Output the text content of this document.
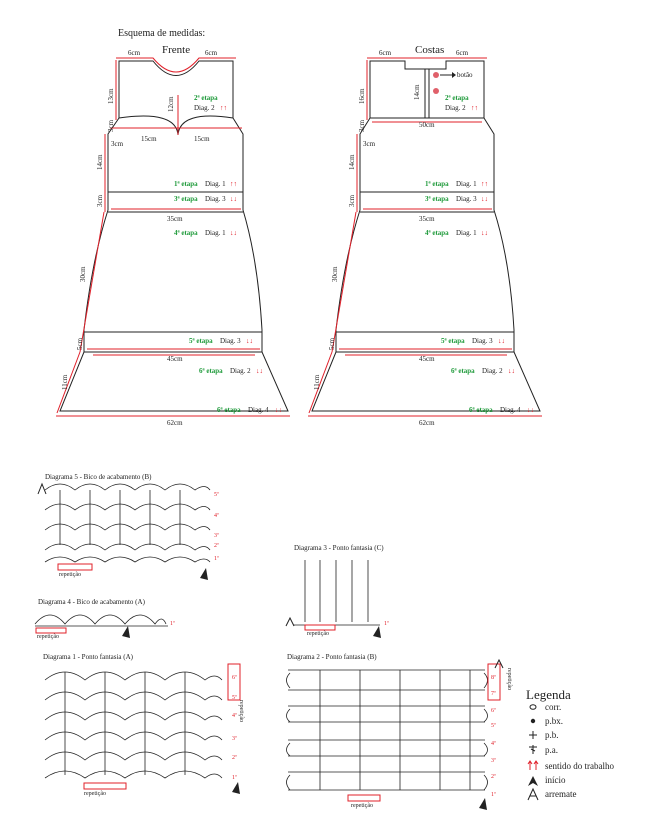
Esquema de medidas:
Frente
6cm	6cm
13cm
3cm
12cm
15cm	15cm
3cm
14cm
3cm
30cm
5cm
11cm
35cm
45cm
62cm
2ª etapa
Diag. 2 ↑↑
1ª etapa Diag. 1 ↑↑
3ª etapa Diag. 3 ↓↓
4ª etapa Diag. 1 ↓↓
5ª etapa Diag. 3 ↓↓
6ª etapa Diag. 2 ↓↓
6ª etapa Diag. 4 ↓↓
Costas
6cm	6cm
16cm
3cm
14cm
botão
50cm
3cm
14cm
3cm
30cm
5cm
11cm
35cm
45cm
62cm
2ª etapa
Diag. 2 ↑↑
1ª etapa Diag. 1 ↑↑
3ª etapa Diag. 3 ↓↓
4ª etapa Diag. 1 ↓↓
5ª etapa Diag. 3 ↓↓
6ª etapa Diag. 2 ↓↓
6ª etapa Diag. 4 ↓↓
Diagrama 5 - Bico de acabamento (B)
5ª
4ª
3ª
2ª
1ª
repetição
Diagrama 4 - Bico de acabamento (A)
1ª
repetição
Diagrama 3 - Ponto fantasia (C)
1ª
repetição
Diagrama 1 - Ponto fantasia (A)
6ª
5ª
4ª
3ª
2ª
1ª
repetição
repetição
Diagrama 2 - Ponto fantasia (B)
8ª
7ª
6ª
5ª
4ª
3ª
2ª
1ª
repetição
repetição
Legenda
corr.
p.bx.
p.b.
p.a.
sentido do trabalho
início
arremate
